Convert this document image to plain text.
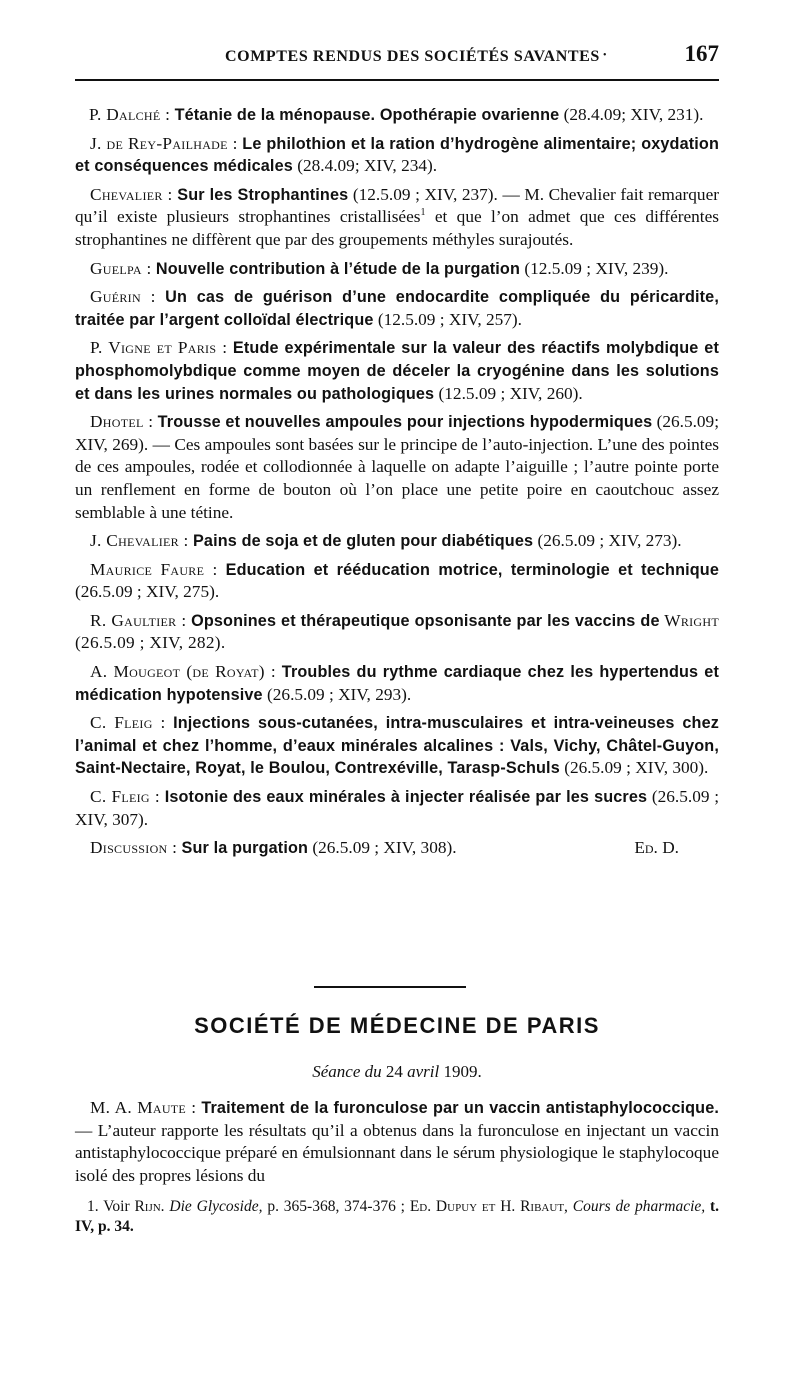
COMPTES RENDUS DES SOCIÉTÉS SAVANTES •	167

P. Dalché : Tétanie de la ménopause. Opothérapie ovarienne (28.4.09; XIV, 231).

J. de Rey-Pailhade : Le philothion et la ration d’hydrogène alimentaire; oxydation et conséquences médicales (28.4.09; XIV, 234).

Chevalier : Sur les Strophantines (12.5.09 ; XIV, 237). — M. Chevalier fait remarquer qu’il existe plusieurs strophantines cristallisées$^1$ et que l’on admet que ces différentes strophantines ne diffèrent que par des groupements méthyles surajoutés.

Guelpa : Nouvelle contribution à l’étude de la purgation (12.5.09 ; XIV, 239).

Guérin : Un cas de guérison d’une endocardite compliquée du péricardite, traitée par l’argent colloïdal électrique (12.5.09 ; XIV, 257).

P. Vigne et Paris : Etude expérimentale sur la valeur des réactifs molybdique et phosphomolybdique comme moyen de déceler la cryogénine dans les solutions et dans les urines normales ou pathologiques (12.5.09 ; XIV, 260).

Dhotel : Trousse et nouvelles ampoules pour injections hypodermiques (26.5.09; XIV, 269). — Ces ampoules sont basées sur le principe de l’auto-injection. L’une des pointes de ces ampoules, rodée et collodionnée à laquelle on adapte l’aiguille ; l’autre pointe porte un renflement en forme de bouton où l’on place une petite poire en caoutchouc assez semblable à une tétine.

J. Chevalier : Pains de soja et de gluten pour diabétiques (26.5.09 ; XIV, 273).

Maurice Faure : Education et rééducation motrice, terminologie et technique (26.5.09 ; XIV, 275).

R. Gaultier : Opsonines et thérapeutique opsonisante par les vaccins de Wright (26.5.09 ; XIV, 282).

A. Mougeot (de Royat) : Troubles du rythme cardiaque chez les hypertendus et médication hypotensive (26.5.09 ; XIV, 293).

C. Fleig : Injections sous-cutanées, intra-musculaires et intra-veineuses chez l’animal et chez l’homme, d’eaux minérales alcalines : Vals, Vichy, Châtel-Guyon, Saint-Nectaire, Royat, le Boulou, Contrexéville, Tarasp-Schuls (26.5.09 ; XIV, 300).

C. Fleig : Isotonie des eaux minérales à injecter réalisée par les sucres (26.5.09 ; XIV, 307).

Discussion : Sur la purgation (26.5.09 ; XIV, 308).	Ed. D.

SOCIÉTÉ DE MÉDECINE DE PARIS
Séance du 24 avril 1909.

M. A. Maute : Traitement de la furonculose par un vaccin antistaphylococcique. — L’auteur rapporte les résultats qu’il a obtenus dans la furonculose en injectant un vaccin antistaphylococcique préparé en émulsionnant dans le sérum physiologique le staphylocoque isolé des propres lésions du

1. Voir Rijn. Die Glycoside, p. 365-368, 374-376 ; Ed. Dupuy et H. Ribaut, Cours de pharmacie, t. IV, p. 34.
